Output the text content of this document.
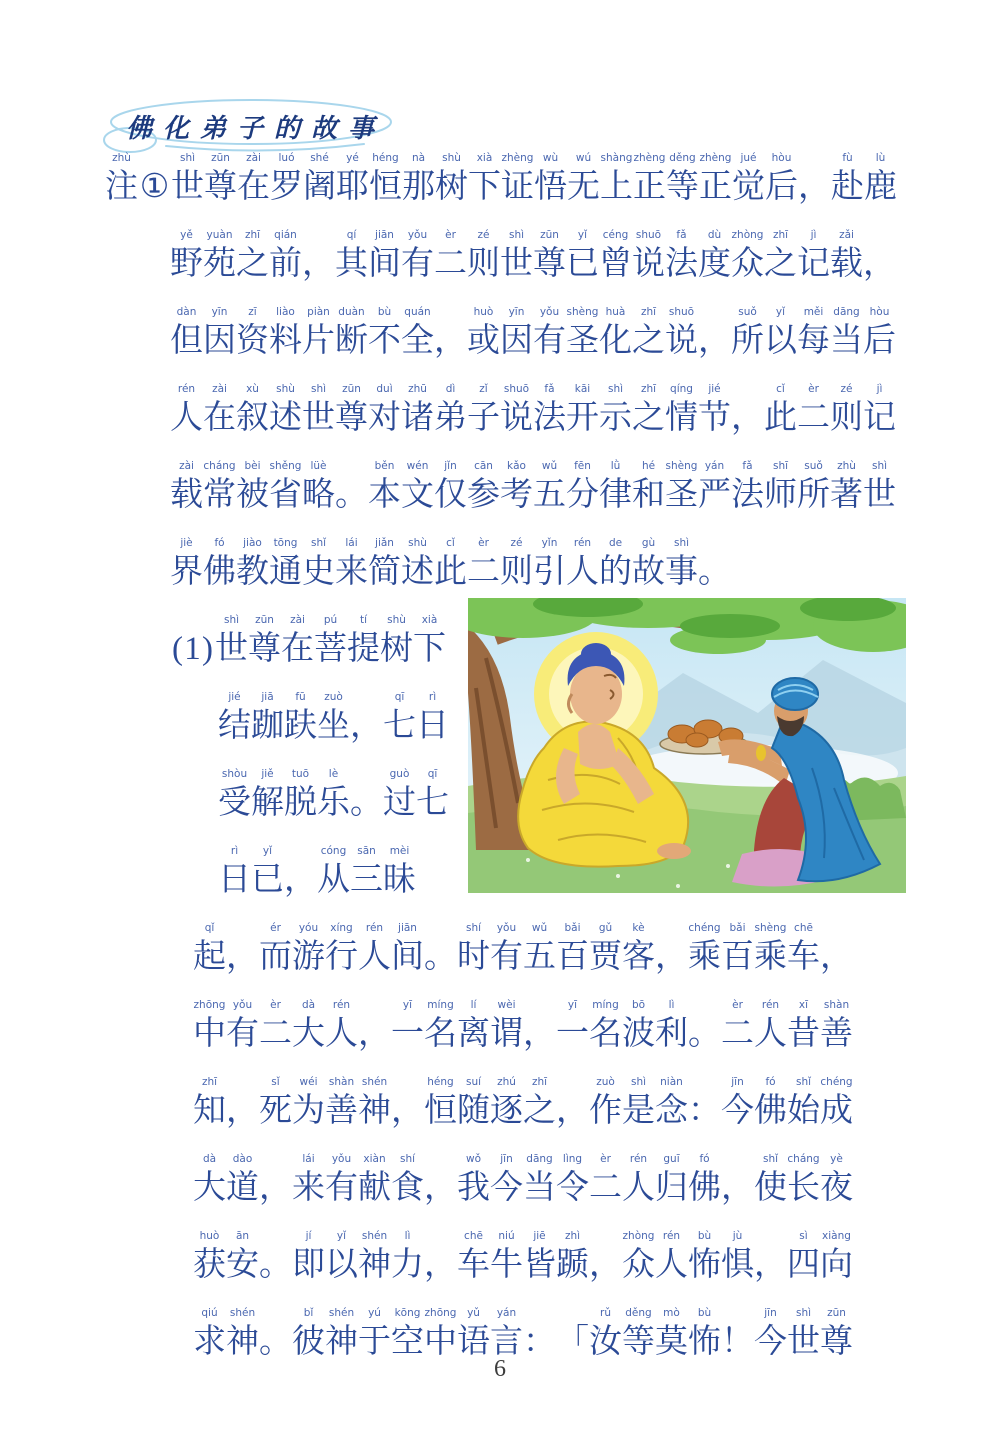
佛化弟子的故事
zhù
注 ①
shì
世
zūn
尊
zài
在
luó
罗
shé
阇
yé
耶
héng
恒
nà
那
shù
树
xià
下
zhèng
证
wù
悟
wú
无
shàng
上
zhèng
正
děng
等
zhèng
正
jué
觉
hòu
后 ，
fù
赴
lù
鹿
yě
野
yuàn
苑
zhī
之
qián
前 ，
qí
其
jiān
间
yǒu
有
èr
二
zé
则
shì
世
zūn
尊
yǐ
已
céng
曾
shuō
说
fǎ
法
dù
度
zhòng
众
zhī
之
jì
记
zǎi
载 ，
dàn
但
yīn
因
zī
资
liào
料
piàn
片
duàn
断
bù
不
quán
全 ，
huò
或
yīn
因
yǒu
有
shèng
圣
huà
化
zhī
之
shuō
说 ，
suǒ
所
yǐ
以
měi
每
dāng
当
hòu
后
rén
人
zài
在
xù
叙
shù
述
shì
世
zūn
尊
duì
对
zhū
诸
dì
弟
zǐ
子
shuō
说
fǎ
法
kāi
开
shì
示
zhī
之
qíng
情
jié
节 ，
cǐ
此
èr
二
zé
则
jì
记
zài
载
cháng
常
bèi
被
shěng
省
lüè
略 。
běn
本
wén
文
jǐn
仅
cān
参
kǎo
考
wǔ
五
fēn
分
lǜ
律
hé
和
shèng
圣
yán
严
fǎ
法
shī
师
suǒ
所
zhù
著
shì
世
jiè
界
fó
佛
jiào
教
tōng
通
shǐ
史
lái
来
jiǎn
简
shù
述
cǐ
此
èr
二
zé
则
yǐn
引
rén
人
de
的
gù
故
shì
事 。
( 1 )
shì
世
zūn
尊
zài
在
pú
菩
tí
提
shù
树
xià
下
jié
结
jiā
跏
fū
趺
zuò
坐 ，
qī
七
rì
日
shòu
受
jiě
解
tuō
脱
lè
乐 。
guò
过
qī
七
rì
日
yǐ
已 ，
cóng
从
sān
三
mèi
昧
qǐ
起 ，
ér
而
yóu
游
xíng
行
rén
人
jiān
间 。
shí
时
yǒu
有
wǔ
五
bǎi
百
gǔ
贾
kè
客 ，
chéng
乘
bǎi
百
shèng
乘
chē
车 ，
zhōng
中
yǒu
有
èr
二
dà
大
rén
人 ，
yī
一
míng
名
lí
离
wèi
谓 ，
yī
一
míng
名
bō
波
lì
利 。
èr
二
rén
人
xī
昔
shàn
善
zhī
知 ，
sǐ
死
wéi
为
shàn
善
shén
神 ，
héng
恒
suí
随
zhú
逐
zhī
之 ，
zuò
作
shì
是
niàn
念 ：
jīn
今
fó
佛
shǐ
始
chéng
成
dà
大
dào
道 ，
lái
来
yǒu
有
xiàn
献
shí
食 ，
wǒ
我
jīn
今
dāng
当
lìng
令
èr
二
rén
人
guī
归
fó
佛 ，
shǐ
使
cháng
长
yè
夜
huò
获
ān
安 。
jí
即
yǐ
以
shén
神
lì
力 ，
chē
车
niú
牛
jiē
皆
zhì
踬 ，
zhòng
众
rén
人
bù
怖
jù
惧 ，
sì
四
xiàng
向
qiú
求
shén
神 。
bǐ
彼
shén
神
yú
于
kōng
空
zhōng
中
yǔ
语
yán
言 ： 「
rǔ
汝
děng
等
mò
莫
bù
怖 ！
jīn
今
shì
世
zūn
尊
6
